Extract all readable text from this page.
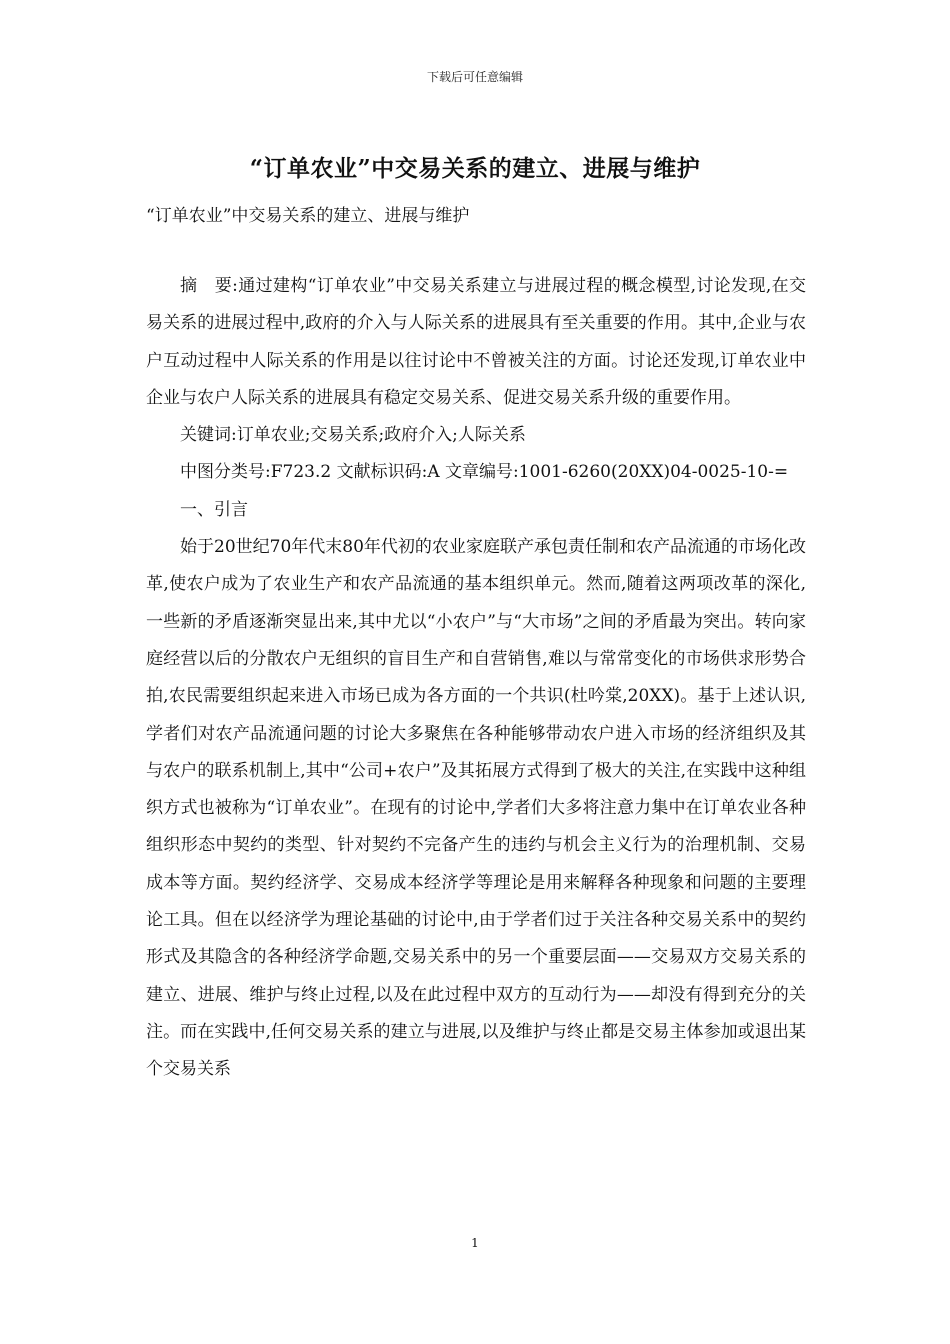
下载后可任意编辑
“订单农业”中交易关系的建立、进展与维护
“订单农业”中交易关系的建立、进展与维护

摘　要:通过建构“订单农业”中交易关系建立与进展过程的概念模型,讨论发现,在交易关系的进展过程中,政府的介入与人际关系的进展具有至关重要的作用。其中,企业与农户互动过程中人际关系的作用是以往讨论中不曾被关注的方面。讨论还发现,订单农业中企业与农户人际关系的进展具有稳定交易关系、促进交易关系升级的重要作用。

关键词:订单农业;交易关系;政府介入;人际关系

中图分类号:F723.2 文献标识码:A 文章编号:1001-6260(20XX)04-0025-10-=

一、引言

始于20世纪70年代末80年代初的农业家庭联产承包责任制和农产品流通的市场化改革,使农户成为了农业生产和农产品流通的基本组织单元。然而,随着这两项改革的深化,一些新的矛盾逐渐突显出来,其中尤以“小农户”与“大市场”之间的矛盾最为突出。转向家庭经营以后的分散农户无组织的盲目生产和自营销售,难以与常常变化的市场供求形势合拍,农民需要组织起来进入市场已成为各方面的一个共识(杜吟棠,20XX)。基于上述认识,学者们对农产品流通问题的讨论大多聚焦在各种能够带动农户进入市场的经济组织及其与农户的联系机制上,其中“公司+农户”及其拓展方式得到了极大的关注,在实践中这种组织方式也被称为“订单农业”。在现有的讨论中,学者们大多将注意力集中在订单农业各种组织形态中契约的类型、针对契约不完备产生的违约与机会主义行为的治理机制、交易成本等方面。契约经济学、交易成本经济学等理论是用来解释各种现象和问题的主要理论工具。但在以经济学为理论基础的讨论中,由于学者们过于关注各种交易关系中的契约形式及其隐含的各种经济学命题,交易关系中的另一个重要层面——交易双方交易关系的建立、进展、维护与终止过程,以及在此过程中双方的互动行为——却没有得到充分的关注。而在实践中,任何交易关系的建立与进展,以及维护与终止都是交易主体参加或退出某个交易关系

1
